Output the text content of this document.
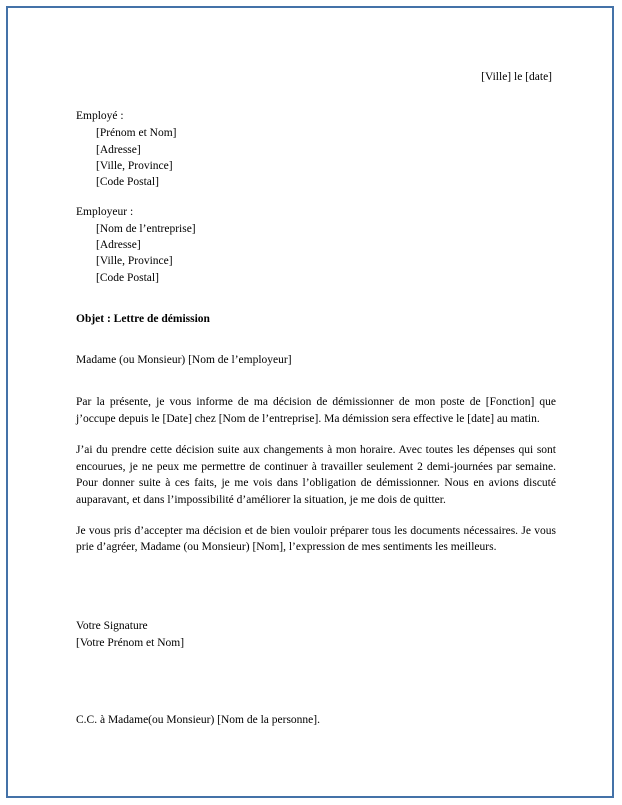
[Ville] le [date]
Employé :
[Prénom et Nom]
[Adresse]
[Ville, Province]
[Code Postal]
Employeur :
[Nom de l’entreprise]
[Adresse]
[Ville, Province]
[Code Postal]
Objet : Lettre de démission
Madame (ou Monsieur) [Nom de l’employeur]

Par la présente, je vous informe de ma décision de démissionner de mon poste de [Fonction] que j’occupe depuis le [Date] chez [Nom de l’entreprise]. Ma démission sera effective le [date] au matin.

J’ai du prendre cette décision suite aux changements à mon horaire. Avec toutes les dépenses qui sont encourues, je ne peux me permettre de continuer à travailler seulement 2 demi-journées par semaine. Pour donner suite à ces faits, je me vois dans l’obligation de démissionner. Nous en avions discuté auparavant, et dans l’impossibilité d’améliorer la situation, je me dois de quitter.

Je vous pris d’accepter ma décision et de bien vouloir préparer tous les documents nécessaires. Je vous prie d’agréer, Madame (ou Monsieur) [Nom], l’expression de mes sentiments les meilleurs.

Votre Signature
[Votre Prénom et Nom]
C.C. à Madame(ou Monsieur) [Nom de la personne].
